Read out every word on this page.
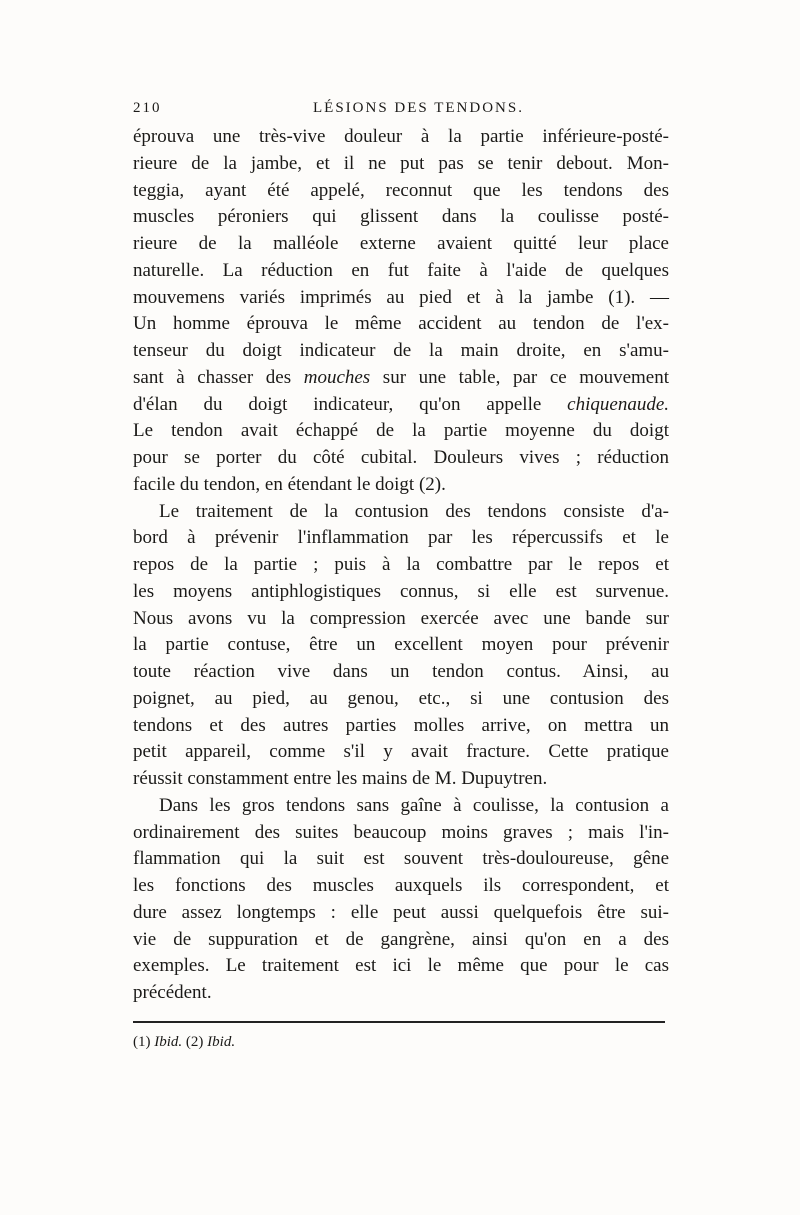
210	LÉSIONS DES TENDONS.
éprouva une très-vive douleur à la partie inférieure-posté-
rieure de la jambe, et il ne put pas se tenir debout. Mon-
teggia, ayant été appelé, reconnut que les tendons des
muscles péroniers qui glissent dans la coulisse posté-
rieure de la malléole externe avaient quitté leur place
naturelle. La réduction en fut faite à l'aide de quelques
mouvemens variés imprimés au pied et à la jambe (1). —
Un homme éprouva le même accident au tendon de l'ex-
tenseur du doigt indicateur de la main droite, en s'amu-
sant à chasser des mouches sur une table, par ce mouvement
d'élan du doigt indicateur, qu'on appelle chiquenaude.
Le tendon avait échappé de la partie moyenne du doigt
pour se porter du côté cubital. Douleurs vives ; réduction
facile du tendon, en étendant le doigt (2).
Le traitement de la contusion des tendons consiste d'a-
bord à prévenir l'inflammation par les répercussifs et le
repos de la partie ; puis à la combattre par le repos et
les moyens antiphlogistiques connus, si elle est survenue.
Nous avons vu la compression exercée avec une bande sur
la partie contuse, être un excellent moyen pour prévenir
toute réaction vive dans un tendon contus. Ainsi, au
poignet, au pied, au genou, etc., si une contusion des
tendons et des autres parties molles arrive, on mettra un
petit appareil, comme s'il y avait fracture. Cette pratique
réussit constamment entre les mains de M. Dupuytren.
Dans les gros tendons sans gaîne à coulisse, la contusion a
ordinairement des suites beaucoup moins graves ; mais l'in-
flammation qui la suit est souvent très-douloureuse, gêne
les fonctions des muscles auxquels ils correspondent, et
dure assez longtemps : elle peut aussi quelquefois être sui-
vie de suppuration et de gangrène, ainsi qu'on en a des
exemples. Le traitement est ici le même que pour le cas
précédent.
(1) Ibid. (2) Ibid.
